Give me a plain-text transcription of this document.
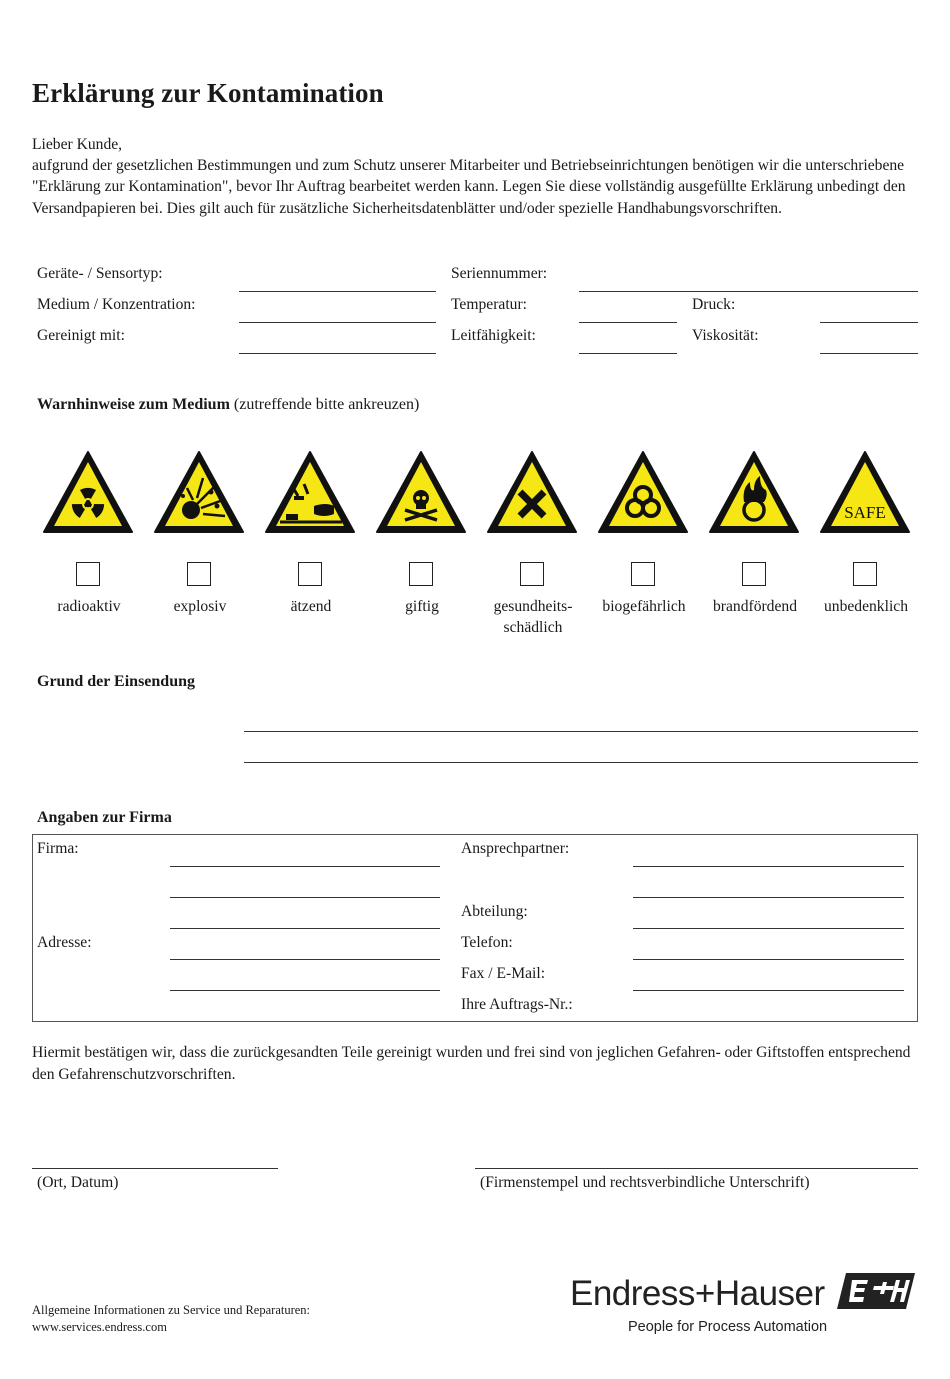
Erklärung zur Kontamination
Lieber Kunde,
aufgrund der gesetzlichen Bestimmungen und zum Schutz unserer Mitarbeiter und Betriebseinrichtungen benötigen wir die unterschriebene "Erklärung zur Kontamination", bevor Ihr Auftrag bearbeitet werden kann. Legen Sie diese vollständig ausgefüllte Erklärung unbedingt den Versandpapieren bei. Dies gilt auch für zusätzliche Sicherheitsdatenblätter und/oder spezielle Handhabungsvorschriften.
Geräte- / Sensortyp:	Seriennummer:
Medium / Konzentration:	Temperatur:	Druck:
Gereinigt mit:	Leitfähigkeit:	Viskosität:
Warnhinweise zum Medium (zutreffende bitte ankreuzen)
SAFE
radioaktiv	explosiv	ätzend	giftig	gesundheits-
schädlich
biogefährlich	brandfördend	unbedenklich
Grund der Einsendung
Angaben zur Firma
Firma:
Adresse:
Ansprechpartner:
Abteilung:
Telefon:
Fax / E-Mail:
Ihre Auftrags-Nr.:
Hiermit bestätigen wir, dass die zurückgesandten Teile gereinigt wurden und frei sind von jeglichen Gefahren- oder Giftstoffen entsprechend den Gefahrenschutzvorschriften.
(Ort, Datum)	(Firmenstempel und rechtsverbindliche Unterschrift)
Allgemeine Informationen zu Service und Reparaturen:
www.services.endress.com
Endress+Hauser
People for Process Automation
